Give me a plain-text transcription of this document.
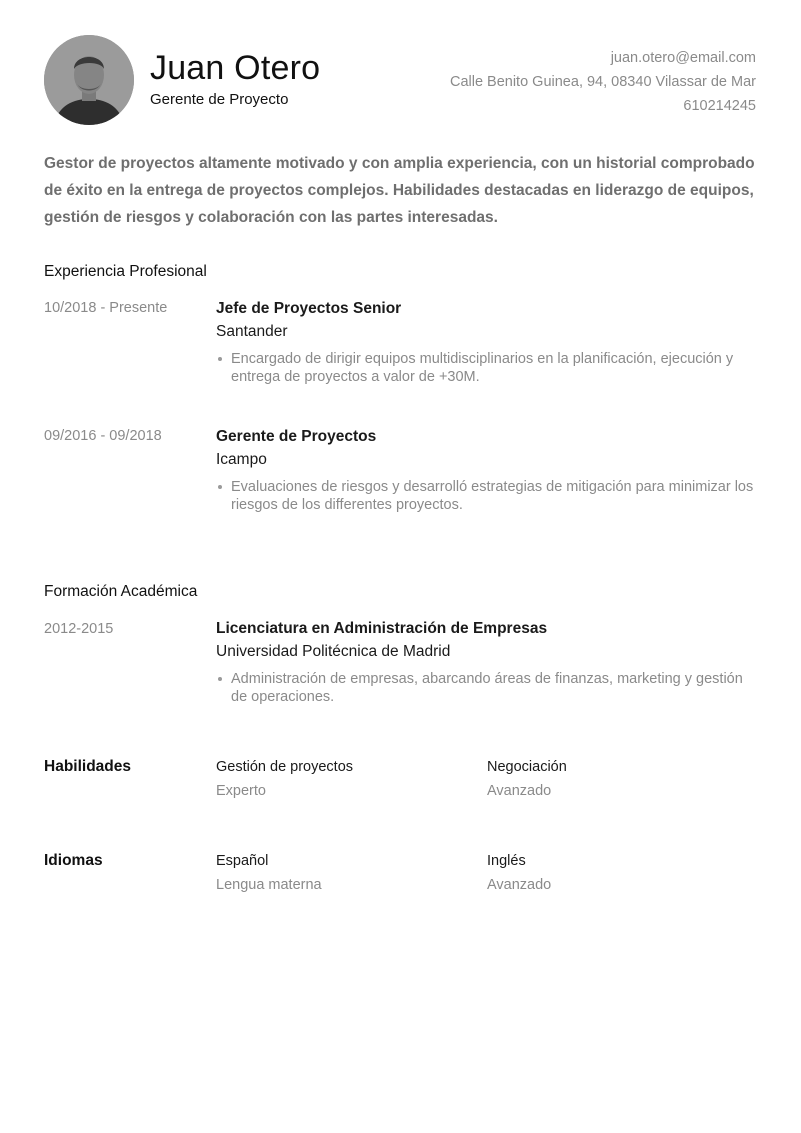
Juan Otero
Gerente de Proyecto
juan.otero@email.com
Calle Benito Guinea, 94, 08340 Vilassar de Mar
610214245

Gestor de proyectos altamente motivado y con amplia experiencia, con un historial comprobado de éxito en la entrega de proyectos complejos. Habilidades destacadas en liderazgo de equipos, gestión de riesgos y colaboración con las partes interesadas.

Experiencia Profesional
10/2018 - Presente	Jefe de Proyectos Senior
Santander
Encargado de dirigir equipos multidisciplinarios en la planificación, ejecución y entrega de proyectos a valor de +30M.
09/2016 - 09/2018	Gerente de Proyectos
Icampo
Evaluaciones de riesgos y desarrolló estrategias de mitigación para minimizar los riesgos de los differentes proyectos.
Formación Académica
2012-2015	Licenciatura en Administración de Empresas
Universidad Politécnica de Madrid
Administración de empresas, abarcando áreas de finanzas, marketing y gestión de operaciones.
Habilidades	Gestión de proyectos
Experto
Negociación
Avanzado
Idiomas	Español
Lengua materna
Inglés
Avanzado
